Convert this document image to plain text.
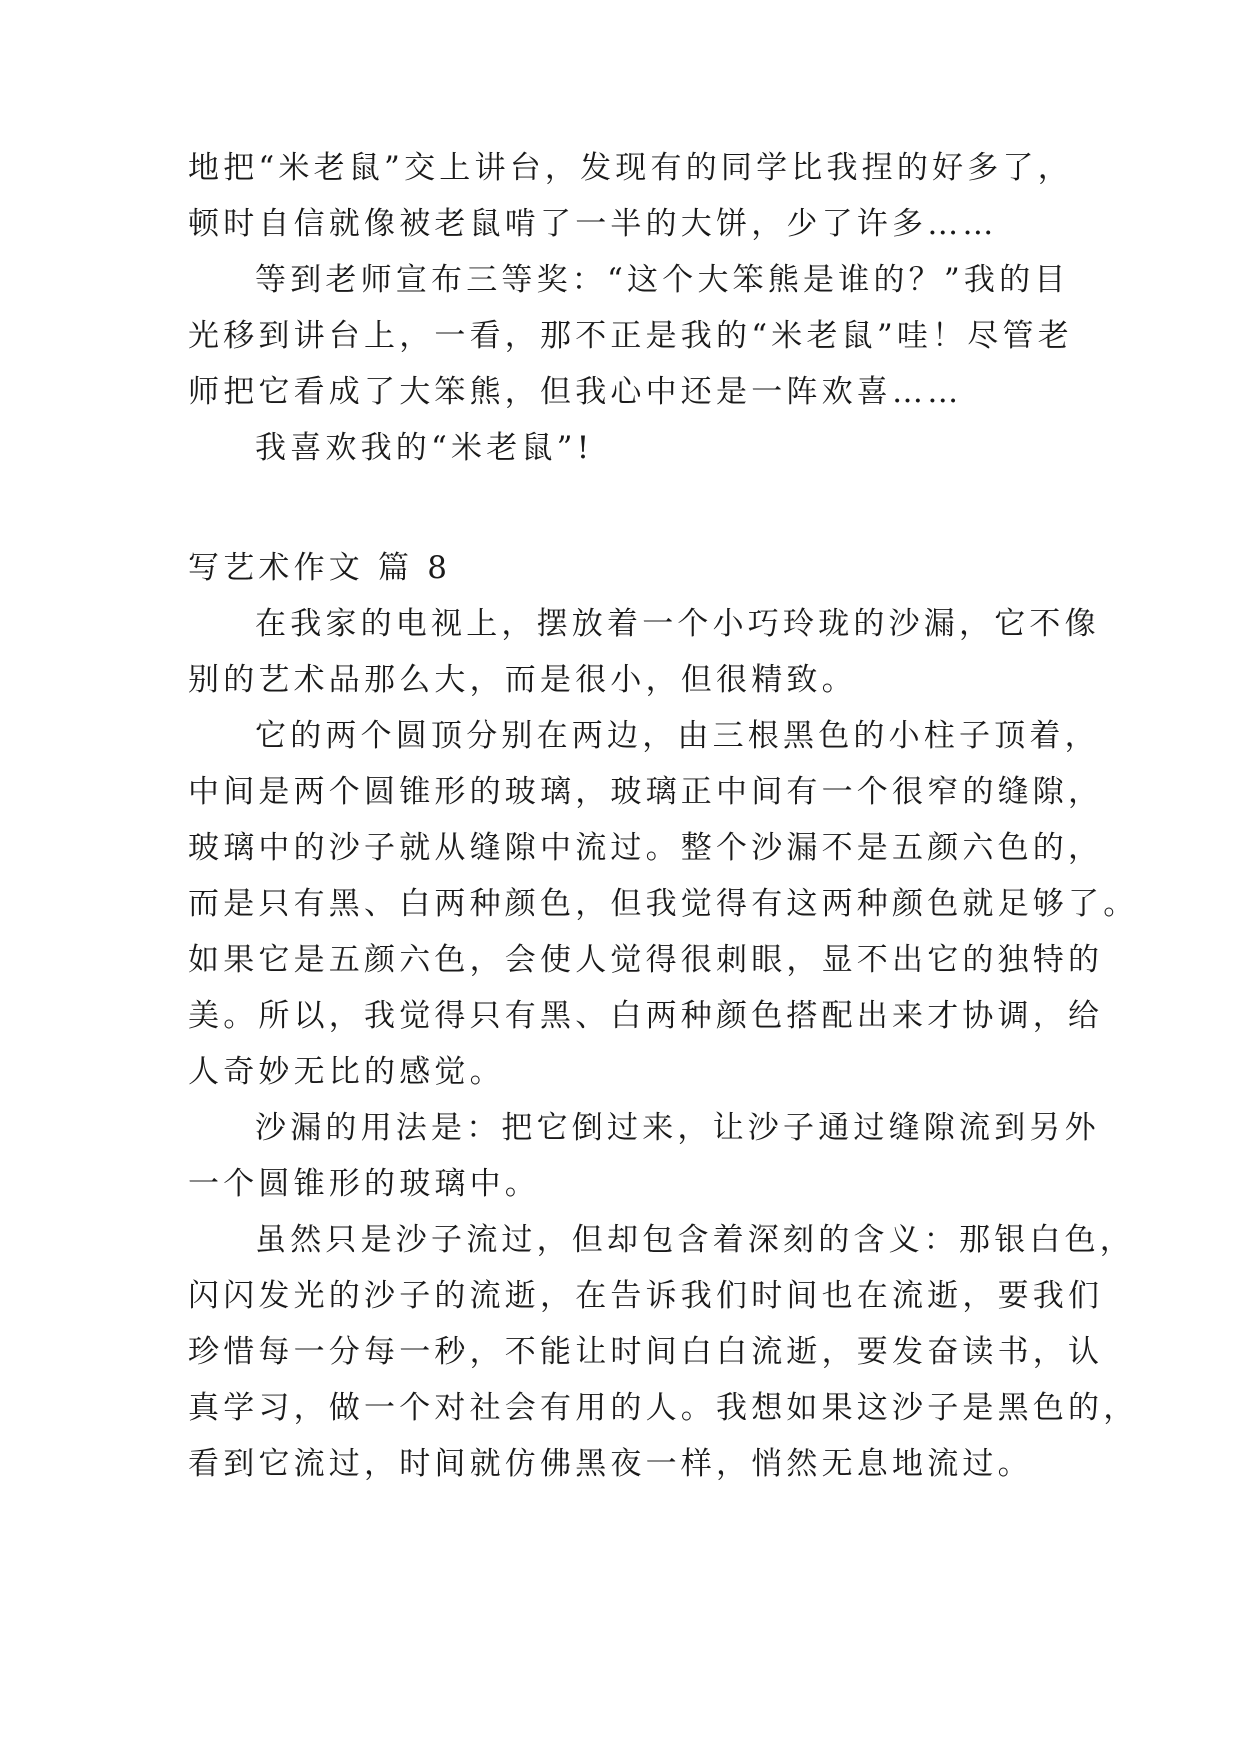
地把“米老鼠”交上讲台，发现有的同学比我捏的好多了，
顿时自信就像被老鼠啃了一半的大饼，少了许多……
等到老师宣布三等奖：“这个大笨熊是谁的？”我的目
光移到讲台上，一看，那不正是我的“米老鼠”哇！尽管老
师把它看成了大笨熊，但我心中还是一阵欢喜……
我喜欢我的“米老鼠”!
写艺术作文 篇 8
在我家的电视上，摆放着一个小巧玲珑的沙漏，它不像
别的艺术品那么大，而是很小，但很精致。
它的两个圆顶分别在两边，由三根黑色的小柱子顶着，
中间是两个圆锥形的玻璃，玻璃正中间有一个很窄的缝隙，
玻璃中的沙子就从缝隙中流过。整个沙漏不是五颜六色的，
而是只有黑、白两种颜色，但我觉得有这两种颜色就足够了。
如果它是五颜六色，会使人觉得很刺眼，显不出它的独特的
美。所以，我觉得只有黑、白两种颜色搭配出来才协调，给
人奇妙无比的感觉。
沙漏的用法是：把它倒过来，让沙子通过缝隙流到另外
一个圆锥形的玻璃中。
虽然只是沙子流过，但却包含着深刻的含义：那银白色，
闪闪发光的沙子的流逝，在告诉我们时间也在流逝，要我们
珍惜每一分每一秒，不能让时间白白流逝，要发奋读书，认
真学习，做一个对社会有用的人。我想如果这沙子是黑色的，
看到它流过，时间就仿佛黑夜一样，悄然无息地流过。
